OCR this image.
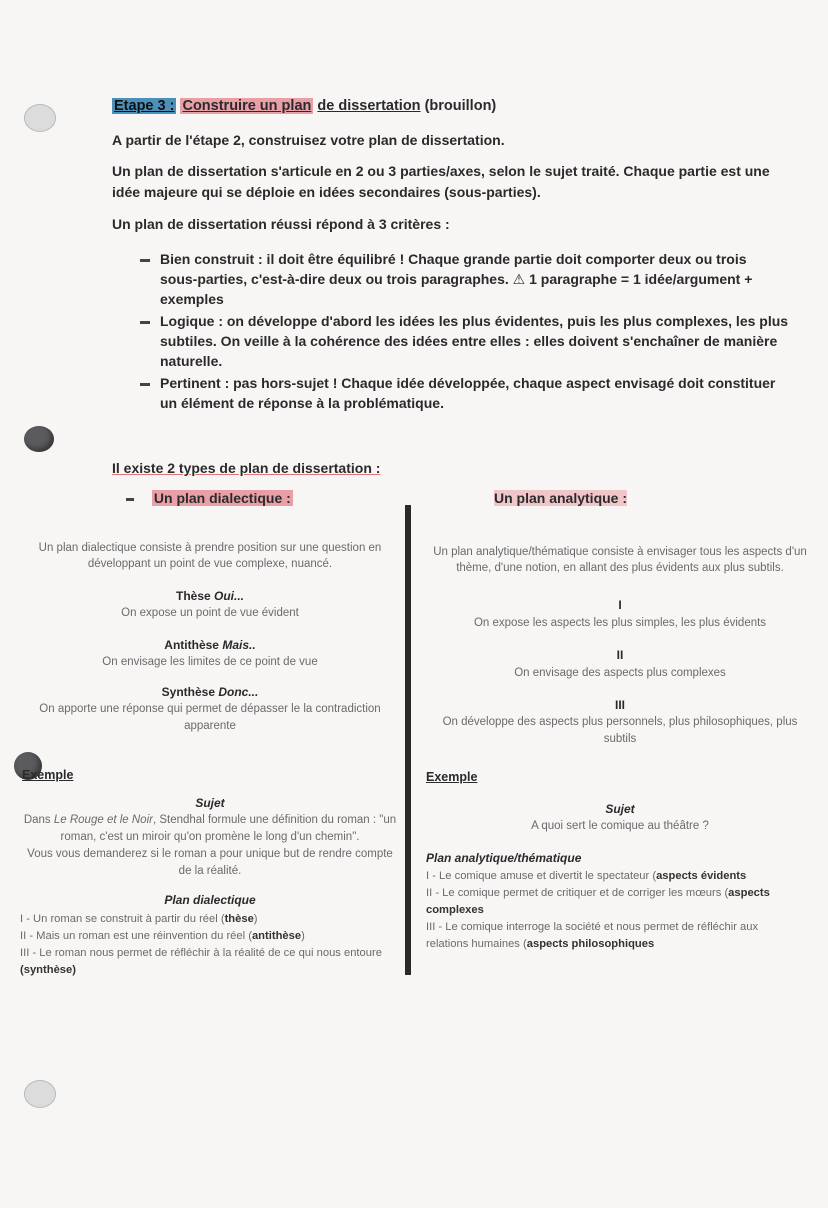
Etape 3 : Construire un plan de dissertation (brouillon)
A partir de l'étape 2, construisez votre plan de dissertation.
Un plan de dissertation s'articule en 2 ou 3 parties/axes, selon le sujet traité. Chaque partie est une
idée majeure qui se déploie en idées secondaires (sous-parties).
Un plan de dissertation réussi répond à 3 critères :
Bien construit : il doit être équilibré ! Chaque grande partie doit comporter deux ou trois
sous-parties, c'est-à-dire deux ou trois paragraphes. ⚠ 1 paragraphe = 1 idée/argument +
exemples
Logique : on développe d'abord les idées les plus évidentes, puis les plus complexes, les plus
subtiles. On veille à la cohérence des idées entre elles : elles doivent s'enchaîner de manière
naturelle.
Pertinent : pas hors-sujet ! Chaque idée développée, chaque aspect envisagé doit constituer
un élément de réponse à la problématique.
Il existe 2 types de plan de dissertation :
Un plan dialectique :	Un plan analytique :
Un plan dialectique consiste à prendre position sur une question en
développant un point de vue complexe, nuancé.
Thèse Oui...
On expose un point de vue évident
Antithèse Mais..
On envisage les limites de ce point de vue
Synthèse Donc...
On apporte une réponse qui permet de dépasser le la contradiction
apparente
Exemple
Sujet
Dans Le Rouge et le Noir, Stendhal formule une définition du roman : "un
roman, c'est un miroir qu'on promène le long d'un chemin".
Vous vous demanderez si le roman a pour unique but de rendre compte
de la réalité.
Plan dialectique
I - Un roman se construit à partir du réel (thèse)
II - Mais un roman est une réinvention du réel (antithèse)
III - Le roman nous permet de réfléchir à la réalité de ce qui nous entoure
(synthèse)
Un plan analytique/thématique consiste à envisager tous les aspects d'un
thème, d'une notion, en allant des plus évidents aux plus subtils.
I
On expose les aspects les plus simples, les plus évidents
II
On envisage des aspects plus complexes
III
On développe des aspects plus personnels, plus philosophiques, plus
subtils
Exemple
Sujet
A quoi sert le comique au théâtre ?
Plan analytique/thématique
I - Le comique amuse et divertit le spectateur (aspects évidents
II - Le comique permet de critiquer et de corriger les mœurs (aspects
complexes
III - Le comique interroge la société et nous permet de réfléchir aux
relations humaines (aspects philosophiques
